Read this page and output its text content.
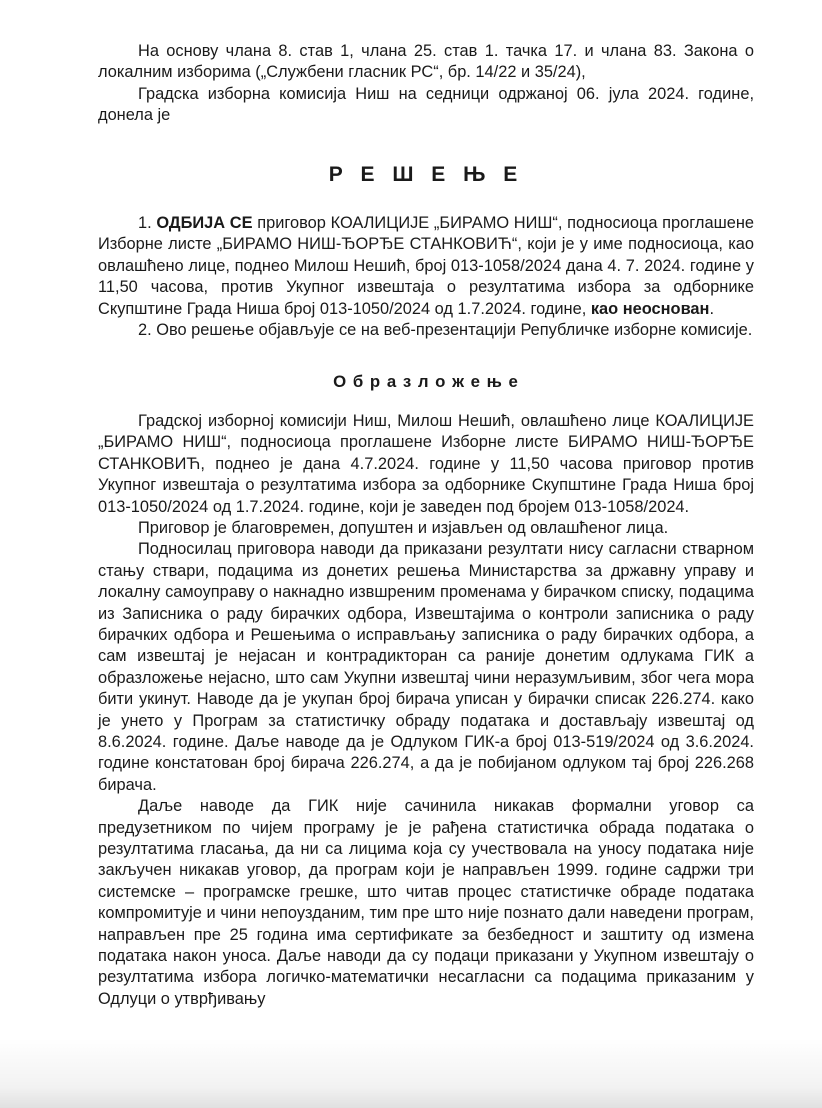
На основу члана 8. став 1, члана 25. став 1. тачка 17. и члана 83. Закона о локалним изборима („Службени гласник РС“, бр. 14/22 и 35/24),

Градска изборна комисија Ниш на седници одржаној 06. јула 2024. године, донела је

Р Е Ш Е Њ Е

1. ОДБИЈА СЕ приговор КОАЛИЦИЈЕ „БИРАМО НИШ“, подносиоца проглашене Изборне листе „БИРАМО НИШ-ЂОРЂЕ СТАНКОВИЋ“, који је у име подносиоца, као овлашћено лице, поднео Милош Нешић, број 013-1058/2024 дана 4. 7. 2024. године у 11,50 часова, против Укупног извештаја о резултатима избора за одборнике Скупштине Града Ниша број 013-1050/2024 од 1.7.2024. године, као неоснован.

2. Ово решење објављује се на веб-презентацији Републичке изборне комисије.

О б р а з л о ж е њ е

Градској изборној комисији Ниш, Милош Нешић, овлашћено лице КОАЛИЦИЈЕ „БИРАМО НИШ“, подносиоца проглашене Изборне листе БИРАМО НИШ-ЂОРЂЕ СТАНКОВИЋ, поднео је дана 4.7.2024. године у 11,50 часова приговор против Укупног извештаја о резултатима избора за одборнике Скупштине Града Ниша број 013-1050/2024 од 1.7.2024. године, који је заведен под бројем 013-1058/2024.

Приговор је благовремен, допуштен и изјављен од овлашћеног лица.

Подносилац приговора наводи да приказани резултати нису сагласни стварном стању ствари, подацима из донетих решења Министарства за државну управу и локалну самоуправу о накнадно извшреним променама у бирачком списку, подацима из Записника о раду бирачких одбора, Извештајима о контроли записника о раду бирачких одбора и Решењима о исправљању записника о раду бирачких одбора, а сам извештај је нејасан и контрадикторан са раније донетим одлукама ГИК а образложење нејасно, што сам Укупни извештај чини неразумљивим, због чега мора бити укинут. Наводе да је укупан број бирача уписан у бирачки списак 226.274. како је унето у Програм за статистичку обраду података и достављају извештај од 8.6.2024. године. Даље наводе да је Одлуком ГИК-а број 013-519/2024 од 3.6.2024. године констатован број бирача 226.274, а да је побијаном одлуком тај број 226.268 бирача.

Даље наводе да ГИК није сачинила никакав формални уговор са предузетником по чијем програму је је рађена статистичка обрада података о резултатима гласања, да ни са лицима која су учествовала на уносу података није закључен никакав уговор, да програм који је направљен 1999. године садржи три системске – програмске грешке, што читав процес статистичке обраде података компромитује и чини непоузданим, тим пре што није познато дали наведени програм, направљен пре 25 година има сертификате за безбедност и заштиту од измена података након уноса. Даље наводи да су подаци приказани у Укупном извештају о резултатима избора логичко-математички несагласни са подацима приказаним у Одлуци о утврђивању
